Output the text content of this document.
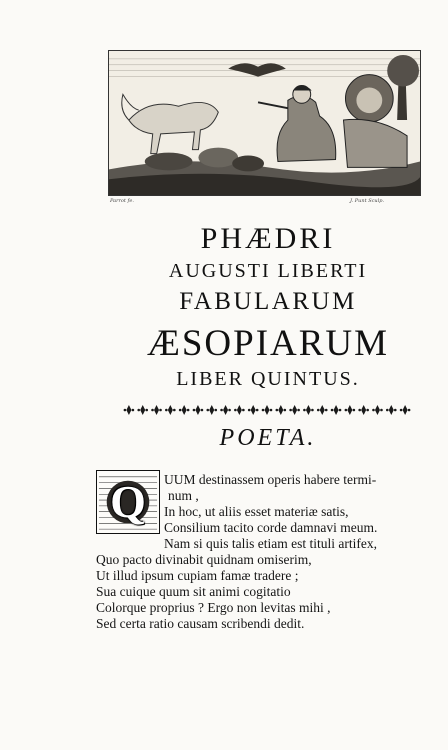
Parrot fe.	J. Punt Sculp.
PHÆDRI
AUGUSTI LIBERTI
FABULARUM
ÆSOPIARUM
LIBER QUINTUS.
POETA.
Q	UUM destinassem operis habere termi-
num ,
In hoc, ut aliis esset materiæ satis,
Consilium tacito corde damnavi meum.
Nam si quis talis etiam est tituli artifex,
Quo pacto divinabit quidnam omiserim,
Ut illud ipsum cupiam famæ tradere ;
Sua cuique quum sit animi cogitatio
Colorque proprius ? Ergo non levitas mihi ,
Sed certa ratio causam scribendi dedit.
